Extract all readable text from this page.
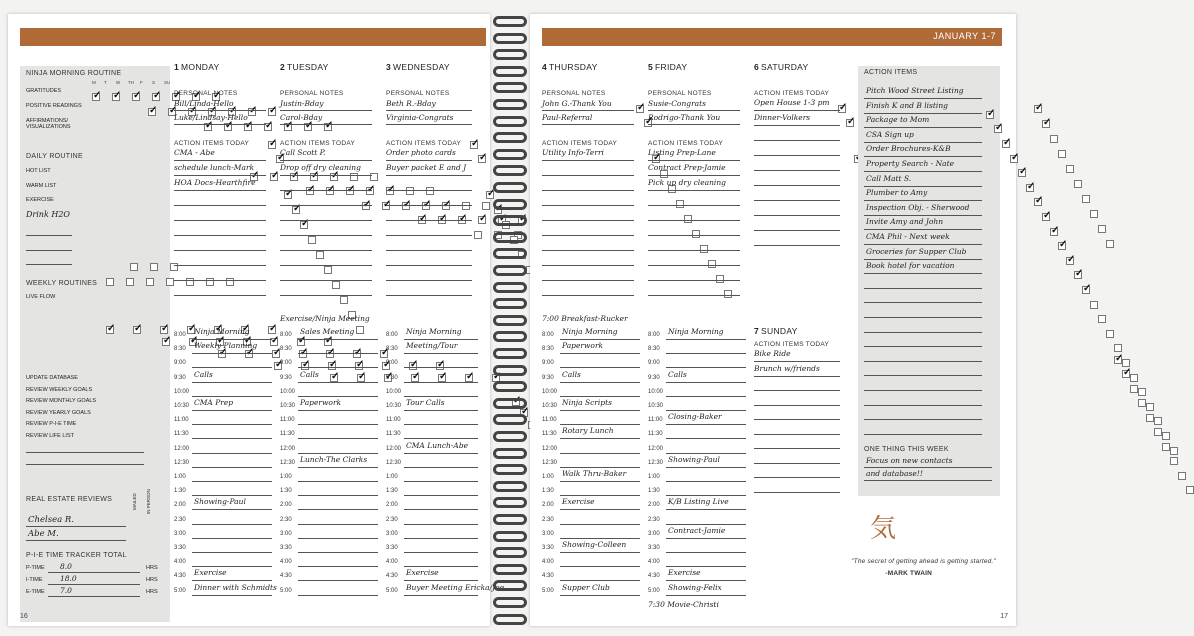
NINJA MORNING ROUTINE
M T W TH F S SU
GRATITUDES
✓✓✓✓✓✓✓
POSITIVE READINGS
✓✓✓✓✓✓✓
AFFIRMATIONS/ VISUALIZATIONS
✓✓✓✓✓✓✓
DAILY ROUTINE
HOT LIST
✓✓✓✓✓
WARM LIST
✓✓✓✓✓
EXERCISE
✓✓✓✓✓
Drink H2O
✓✓✓✓✓✓✓
WEEKLY ROUTINES
LIVE FLOW
✓✓✓✓✓✓✓✓✓✓✓✓✓✓✓✓✓✓✓✓✓✓✓✓✓✓✓✓✓✓✓✓✓✓✓
UPDATE DATABASE
✓
REVIEW WEEKLY GOALS
✓
REVIEW MONTHLY GOALS
✓
REVIEW YEARLY GOALS
✓
REVIEW P-I-E TIME
✓
REVIEW LIFE LIST
✓
REAL ESTATE REVIEWS	MAILED IN PERSON
Chelsea R.
✓
Abe M.
✓
P-I-E TIME TRACKER TOTAL
P-TIME 8.0	HRS
I-TIME 18.0	HRS
E-TIME 7.0	HRS
1 MONDAY
PERSONAL NOTES
Bill/Linda-Hello
✓
Luke/Lindsay-Hello
✓
ACTION ITEMS TODAY
CMA - Abe
✓
schedule lunch-Mark
✓
HOA Docs-Hearthfire
✓
8:00	Ninja Morning
8:30	Weekly Planning
9:00
9:30	Calls
10:00
10:30 CMA Prep
11:00
11:30
12:00
12:30
1:00
1:30
2:00	Showing-Paul
2:30
3:00
3:30
4:00
4:30	Exercise
5:00	Dinner with Schmidts
2 TUESDAY
PERSONAL NOTES
Justin-Bday
✓
Carol-Bday
✓
ACTION ITEMS TODAY
Call Scott P.
✓
Drop off dry cleaning
✓
Exercise/Ninja Meeting
8:00	Sales Meeting
8:30
9:00
9:30	Calls
10:00
10:30 Paperwork
11:00
11:30
12:00
12:30 Lunch-The Clarks
1:00
1:30
2:00
2:30
3:00
3:30
4:00
4:30
5:00
3 WEDNESDAY
PERSONAL NOTES
Beth R.-Bday
✓
Virginia-Congrats
✓
ACTION ITEMS TODAY
Order photo cards
✓
Buyer packet E and J
✓
8:00	Ninja Morning
8:30	Meeting/Tour
9:00
9:30
10:00
10:30 Tour Calls
11:00
11:30
12:00 CMA Lunch-Abe
12:30
1:00
1:30
2:00
2:30
3:00
3:30
4:00
4:30	Exercise
5:00	Buyer Meeting Ericka/Joe
16
JANUARY 1-7
4 THURSDAY
PERSONAL NOTES
John G.-Thank You
✓
Paul-Referral
✓
ACTION ITEMS TODAY
Utility Info-Terri
✓
7:00 Breakfast-Rucker
8:00	Ninja Morning
8:30	Paperwork
9:00
9:30	Calls
10:00
10:30 Ninja Scripts
11:00
11:30 Rotary Lunch
12:00
12:30
1:00	Walk Thru-Baker
1:30
2:00	Exercise
2:30
3:00
3:30	Showing-Colleen
4:00
4:30
5:00	Supper Club
5 FRIDAY
PERSONAL NOTES
Susie-Congrats
✓
Rodrigo-Thank You
✓
ACTION ITEMS TODAY
Listing Prep-Lane
✓
Contract Prep-Jamie
✓
Pick up dry cleaning
✓
8:00	Ninja Morning
8:30
9:00
9:30	Calls
10:00
10:30
11:00 Closing-Baker
11:30
12:00
12:30 Showing-Paul
1:00
1:30
2:00	K/B Listing Live
2:30
3:00	Contract-Jamie
3:30
4:00
4:30	Exercise
5:00	Showing-Felix
7:30 Movie-Christi
6 SATURDAY
ACTION ITEMS TODAY
Open House 1-3 pm
✓
Dinner-Volkers
✓
7 SUNDAY
ACTION ITEMS TODAY
Bike Ride
✓
Brunch w/friends
✓
ACTION ITEMS
Pitch Wood Street Listing
✓
Finish K and B listing
✓
Package to Mom
✓
CSA Sign up
✓
Order Brochures-K&B
✓
Property Search - Nate
✓
Call Matt S.
✓
Plumber to Amy
✓
Inspection Obj. - Sherwood
✓
Invite Amy and John
✓
CMA Phil - Next week
✓
Groceries for Supper Club
✓
Book hotel for vacation
✓
ONE THING THIS WEEK
Focus on new contacts
and database!!
気
"The secret of getting ahead is getting started."
-MARK TWAIN
17
